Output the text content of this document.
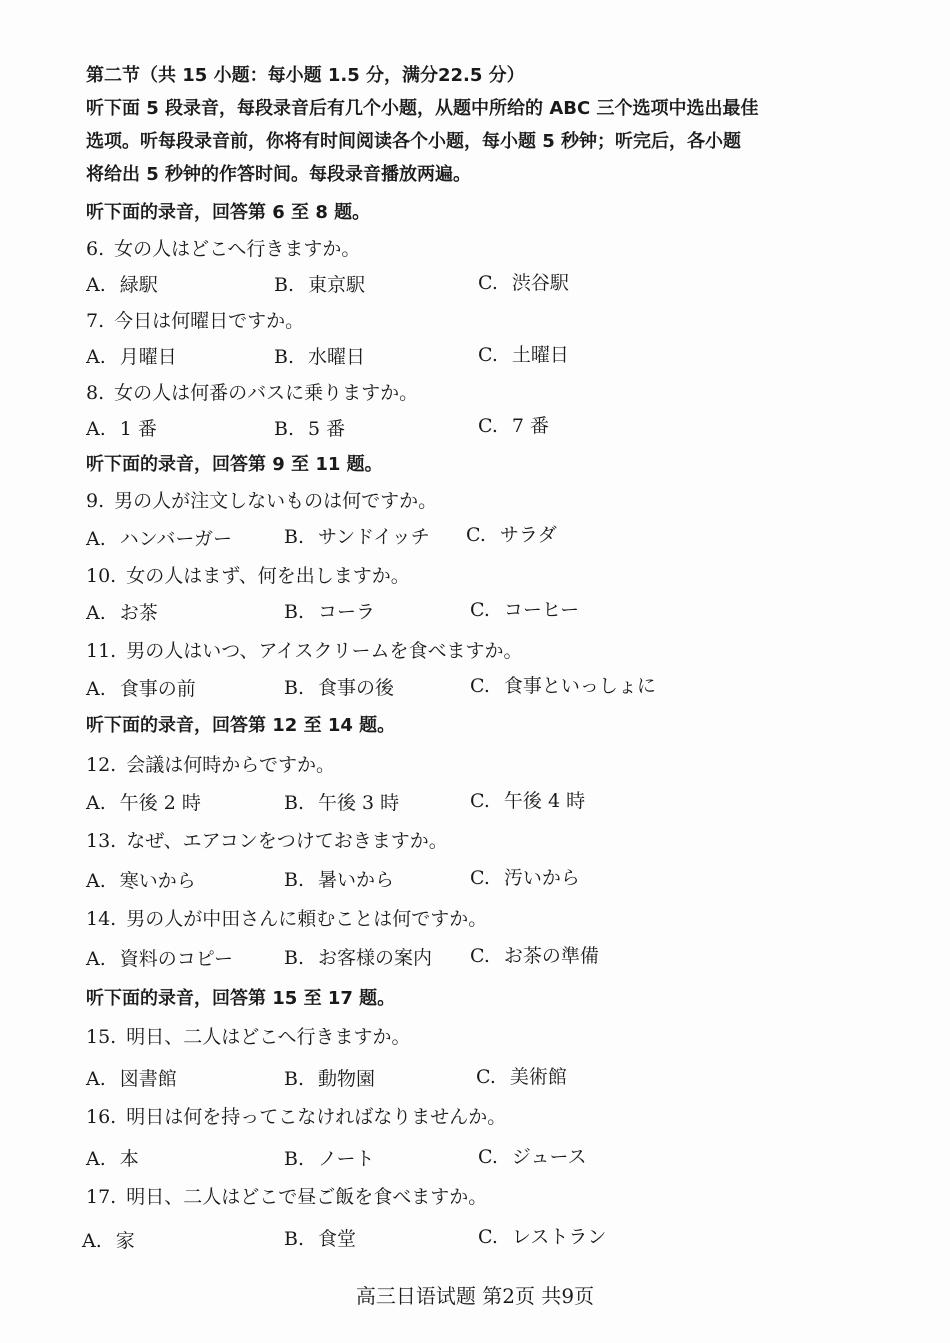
第二节（共 15 小题：每小题 1.5 分，满分22.5 分）
听下面 5 段录音，每段录音后有几个小题，从题中所给的 ABC 三个选项中选出最佳
选项。听每段录音前，你将有时间阅读各个小题，每小题 5 秒钟；听完后，各小题
将给出 5 秒钟的作答时间。每段录音播放两遍。
听下面的录音，回答第 6 至 8 题。
6. 女の人はどこへ行きますか。
A. 緑駅	B. 東京駅	C. 渋谷駅
7. 今日は何曜日ですか。
A. 月曜日	B. 水曜日	C. 土曜日
8. 女の人は何番のバスに乗りますか。
A. 1 番	B. 5 番	C. 7 番
听下面的录音，回答第 9 至 11 题。
9. 男の人が注文しないものは何ですか。
A. ハンバーガー	B. サンドイッチ C. サラダ
10. 女の人はまず、何を出しますか。
A. お茶	B. コーラ	C. コーヒー
11. 男の人はいつ、アイスクリームを食べますか。
A. 食事の前	B. 食事の後	C. 食事といっしょに
听下面的录音，回答第 12 至 14 题。
12. 会議は何時からですか。
A. 午後 2 時	B. 午後 3 時	C. 午後 4 時
13. なぜ、エアコンをつけておきますか。
A. 寒いから	B. 暑いから	C. 汚いから
14. 男の人が中田さんに頼むことは何ですか。
A. 資料のコピー	B. お客様の案内 C. お茶の準備
听下面的录音，回答第 15 至 17 题。
15. 明日、二人はどこへ行きますか。
A. 図書館	B. 動物園	C. 美術館
16. 明日は何を持ってこなければなりませんか。
A. 本	B. ノート	C. ジュース
17. 明日、二人はどこで昼ご飯を食べますか。
A. 家	B. 食堂	C. レストラン
高三日语试题 第2页 共9页
